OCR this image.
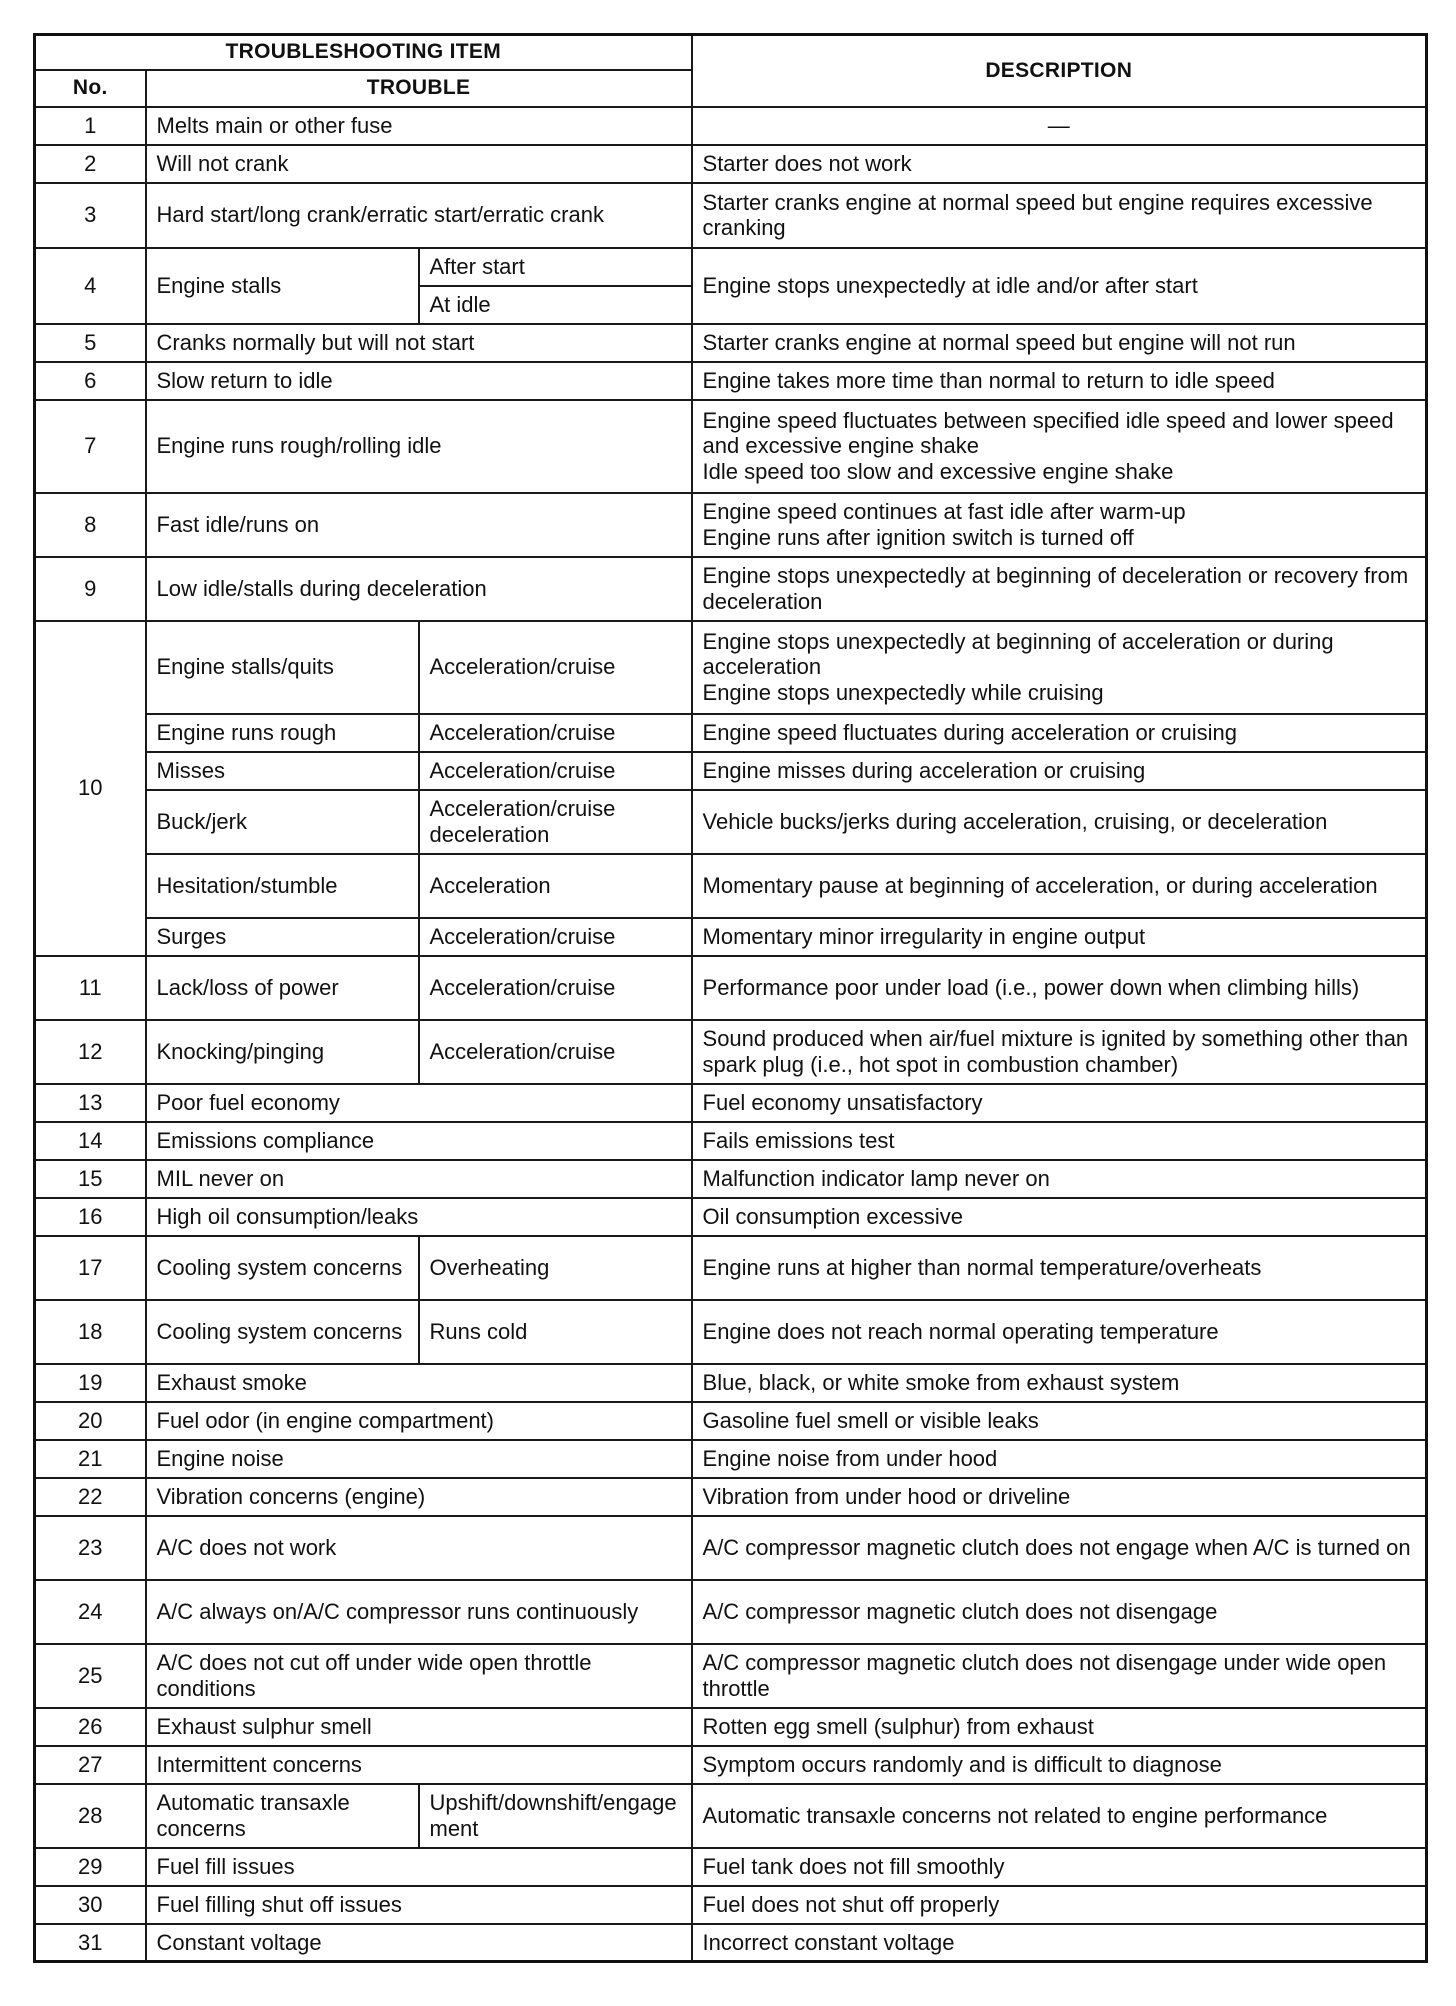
TROUBLESHOOTING ITEM			DESCRIPTION
No.	TROUBLE		
1	Melts main or other fuse		—
2	Will not crank		Starter does not work
3	Hard start/long crank/erratic start/erratic crank		Starter cranks engine at normal speed but engine requires excessive cranking
4	Engine stalls	After start	Engine stops unexpectedly at idle and/or after start
		At idle	
5	Cranks normally but will not start		Starter cranks engine at normal speed but engine will not run
6	Slow return to idle		Engine takes more time than normal to return to idle speed
7	Engine runs rough/rolling idle		Engine speed fluctuates between specified idle speed and lower speed and excessive engine shake
Idle speed too slow and excessive engine shake

8	Fast idle/runs on		Engine speed continues at fast idle after warm-up
Engine runs after ignition switch is turned off

9	Low idle/stalls during deceleration		Engine stops unexpectedly at beginning of deceleration or recovery from deceleration
10	Engine stalls/quits	Acceleration/cruise	Engine stops unexpectedly at beginning of acceleration or during acceleration
Engine stops unexpectedly while cruising

	Engine runs rough	Acceleration/cruise	Engine speed fluctuates during acceleration or cruising
	Misses	Acceleration/cruise	Engine misses during acceleration or cruising
	Buck/jerk	Acceleration/cruise deceleration	Vehicle bucks/jerks during acceleration, cruising, or deceleration
	Hesitation/stumble	Acceleration	Momentary pause at beginning of acceleration, or during acceleration
	Surges	Acceleration/cruise	Momentary minor irregularity in engine output
11	Lack/loss of power	Acceleration/cruise	Performance poor under load (i.e., power down when climbing hills)
12	Knocking/pinging	Acceleration/cruise	Sound produced when air/fuel mixture is ignited by something other than spark plug (i.e., hot spot in combustion chamber)
13	Poor fuel economy		Fuel economy unsatisfactory
14	Emissions compliance		Fails emissions test
15	MIL never on		Malfunction indicator lamp never on
16	High oil consumption/leaks		Oil consumption excessive
17	Cooling system concerns	Overheating	Engine runs at higher than normal temperature/overheats
18	Cooling system concerns	Runs cold	Engine does not reach normal operating temperature
19	Exhaust smoke		Blue, black, or white smoke from exhaust system
20	Fuel odor (in engine compartment)		Gasoline fuel smell or visible leaks
21	Engine noise		Engine noise from under hood
22	Vibration concerns (engine)		Vibration from under hood or driveline
23	A/C does not work		A/C compressor magnetic clutch does not engage when A/C is turned on
24	A/C always on/A/C compressor runs continuously		A/C compressor magnetic clutch does not disengage
25	A/C does not cut off under wide open throttle conditions		A/C compressor magnetic clutch does not disengage under wide open throttle
26	Exhaust sulphur smell		Rotten egg smell (sulphur) from exhaust
27	Intermittent concerns		Symptom occurs randomly and is difficult to diagnose
28	Automatic transaxle concerns	Upshift/downshift/engagement	Automatic transaxle concerns not related to engine performance
29	Fuel fill issues		Fuel tank does not fill smoothly
30	Fuel filling shut off issues		Fuel does not shut off properly
31	Constant voltage		Incorrect constant voltage
